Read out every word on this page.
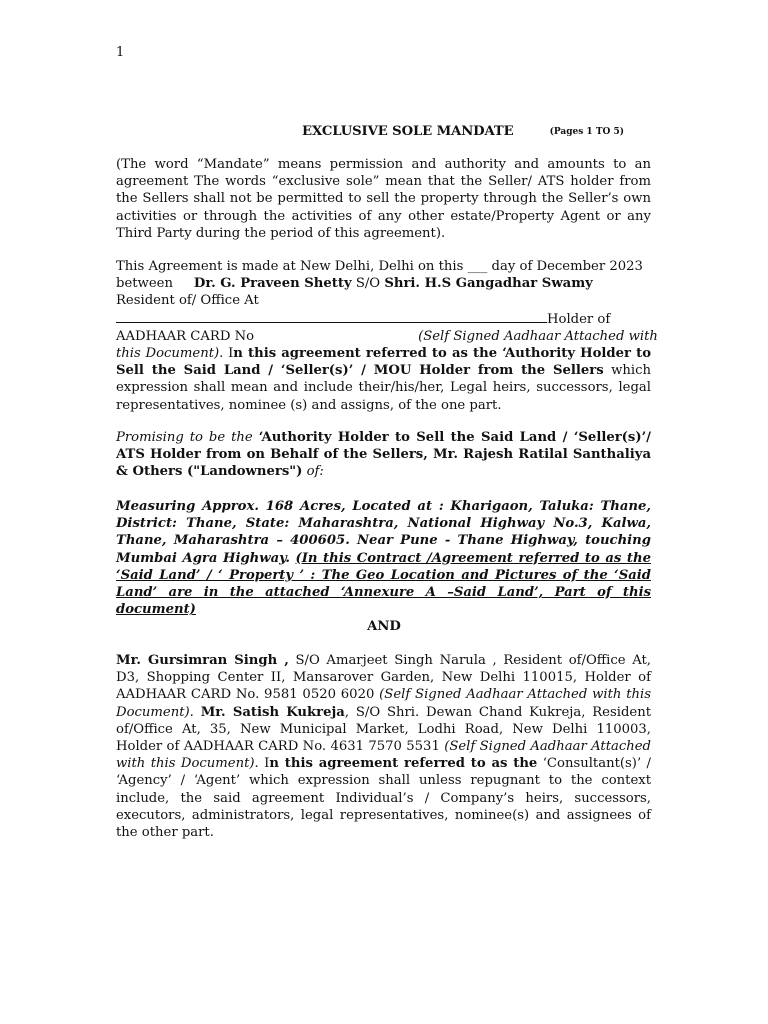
1
EXCLUSIVE SOLE MANDATE	(Pages 1 TO 5)

(The word “Mandate” means permission and authority and amounts to an agreement The words “exclusive sole” mean that the Seller/ ATS holder from the Sellers shall not be permitted to sell the property through the Seller’s own activities or through the activities of any other estate/Property Agent or any Third Party during the period of this agreement).

This Agreement is made at New Delhi, Delhi on this ___ day of December 2023
between Dr. G. Praveen Shetty S/O Shri. H.S Gangadhar Swamy
Resident of/ Office At
Holder of
AADHAAR CARD No	(Self Signed Aadhaar Attached with
this Document). In this agreement referred to as the ‘Authority Holder to Sell the Said Land / ‘Seller(s)’ / MOU Holder from the Sellers which expression shall mean and include their/his/her, Legal heirs, successors, legal representatives, nominee (s) and assigns, of the one part.

Promising to be the ‘Authority Holder to Sell the Said Land / ‘Seller(s)’/ ATS Holder from on Behalf of the Sellers, Mr. Rajesh Ratilal Santhaliya & Others ("Landowners") of:

Measuring Approx. 168 Acres, Located at : Kharigaon, Taluka: Thane, District: Thane, State: Maharashtra, National Highway No.3, Kalwa, Thane, Maharashtra – 400605. Near Pune - Thane Highway, touching Mumbai Agra Highway. (In this Contract /Agreement referred to as the ‘Said Land’ / ‘ Property ’ : The Geo Location and Pictures of the ‘Said Land’ are in the attached ‘Annexure A –Said Land’, Part of this document)

AND

Mr. Gursimran Singh , S/O Amarjeet Singh Narula , Resident of/Office At, D3, Shopping Center II, Mansarover Garden, New Delhi 110015, Holder of AADHAAR CARD No. 9581 0520 6020 (Self Signed Aadhaar Attached with this Document). Mr. Satish Kukreja, S/O Shri. Dewan Chand Kukreja, Resident of/Office At, 35, New Municipal Market, Lodhi Road, New Delhi 110003, Holder of AADHAAR CARD No. 4631 7570 5531 (Self Signed Aadhaar Attached with this Document). In this agreement referred to as the ‘Consultant(s)’ / ‘Agency’ / ‘Agent’ which expression shall unless repugnant to the context include, the said agreement Individual’s / Company’s heirs, successors, executors, administrators, legal representatives, nominee(s) and assignees of the other part.
